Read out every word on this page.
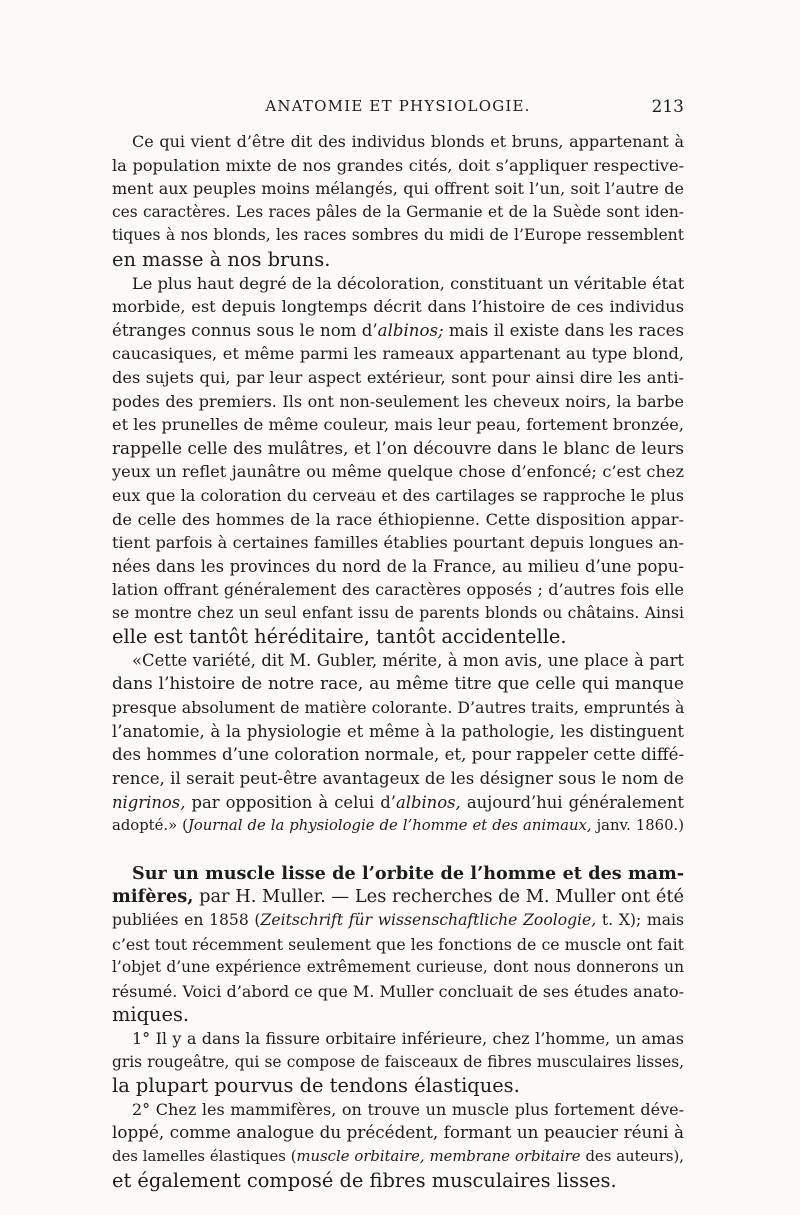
ANATOMIE ET PHYSIOLOGIE.	213
Ce qui vient d’être dit des individus blonds et bruns, appartenant à
la population mixte de nos grandes cités, doit s’appliquer respective-
ment aux peuples moins mélangés, qui offrent soit l’un, soit l’autre de
ces caractères. Les races pâles de la Germanie et de la Suède sont iden-
tiques à nos blonds, les races sombres du midi de l’Europe ressemblent
en masse à nos bruns.
Le plus haut degré de la décoloration, constituant un véritable état
morbide, est depuis longtemps décrit dans l’histoire de ces individus
étranges connus sous le nom d’albinos; mais il existe dans les races
caucasiques, et même parmi les rameaux appartenant au type blond,
des sujets qui, par leur aspect extérieur, sont pour ainsi dire les anti-
podes des premiers. Ils ont non-seulement les cheveux noirs, la barbe
et les prunelles de même couleur, mais leur peau, fortement bronzée,
rappelle celle des mulâtres, et l’on découvre dans le blanc de leurs
yeux un reflet jaunâtre ou même quelque chose d’enfoncé; c’est chez
eux que la coloration du cerveau et des cartilages se rapproche le plus
de celle des hommes de la race éthiopienne. Cette disposition appar-
tient parfois à certaines familles établies pourtant depuis longues an-
nées dans les provinces du nord de la France, au milieu d’une popu-
lation offrant généralement des caractères opposés ; d’autres fois elle
se montre chez un seul enfant issu de parents blonds ou châtains. Ainsi
elle est tantôt héréditaire, tantôt accidentelle.
«Cette variété, dit M. Gubler, mérite, à mon avis, une place à part
dans l’histoire de notre race, au même titre que celle qui manque
presque absolument de matière colorante. D’autres traits, empruntés à
l’anatomie, à la physiologie et même à la pathologie, les distinguent
des hommes d’une coloration normale, et, pour rappeler cette diffé-
rence, il serait peut-être avantageux de les désigner sous le nom de
nigrinos, par opposition à celui d’albinos, aujourd’hui généralement
adopté.» (Journal de la physiologie de l’homme et des animaux, janv. 1860.)
Sur un muscle lisse de l’orbite de l’homme et des mam-
mifères, par H. Muller. — Les recherches de M. Muller ont été
publiées en 1858 (Zeitschrift für wissenschaftliche Zoologie, t. X); mais
c’est tout récemment seulement que les fonctions de ce muscle ont fait
l’objet d’une expérience extrêmement curieuse, dont nous donnerons un
résumé. Voici d’abord ce que M. Muller concluait de ses études anato-
miques.
1° Il y a dans la fissure orbitaire inférieure, chez l’homme, un amas
gris rougeâtre, qui se compose de faisceaux de fibres musculaires lisses,
la plupart pourvus de tendons élastiques.
2° Chez les mammifères, on trouve un muscle plus fortement déve-
loppé, comme analogue du précédent, formant un peaucier réuni à
des lamelles élastiques (muscle orbitaire, membrane orbitaire des auteurs),
et également composé de fibres musculaires lisses.
